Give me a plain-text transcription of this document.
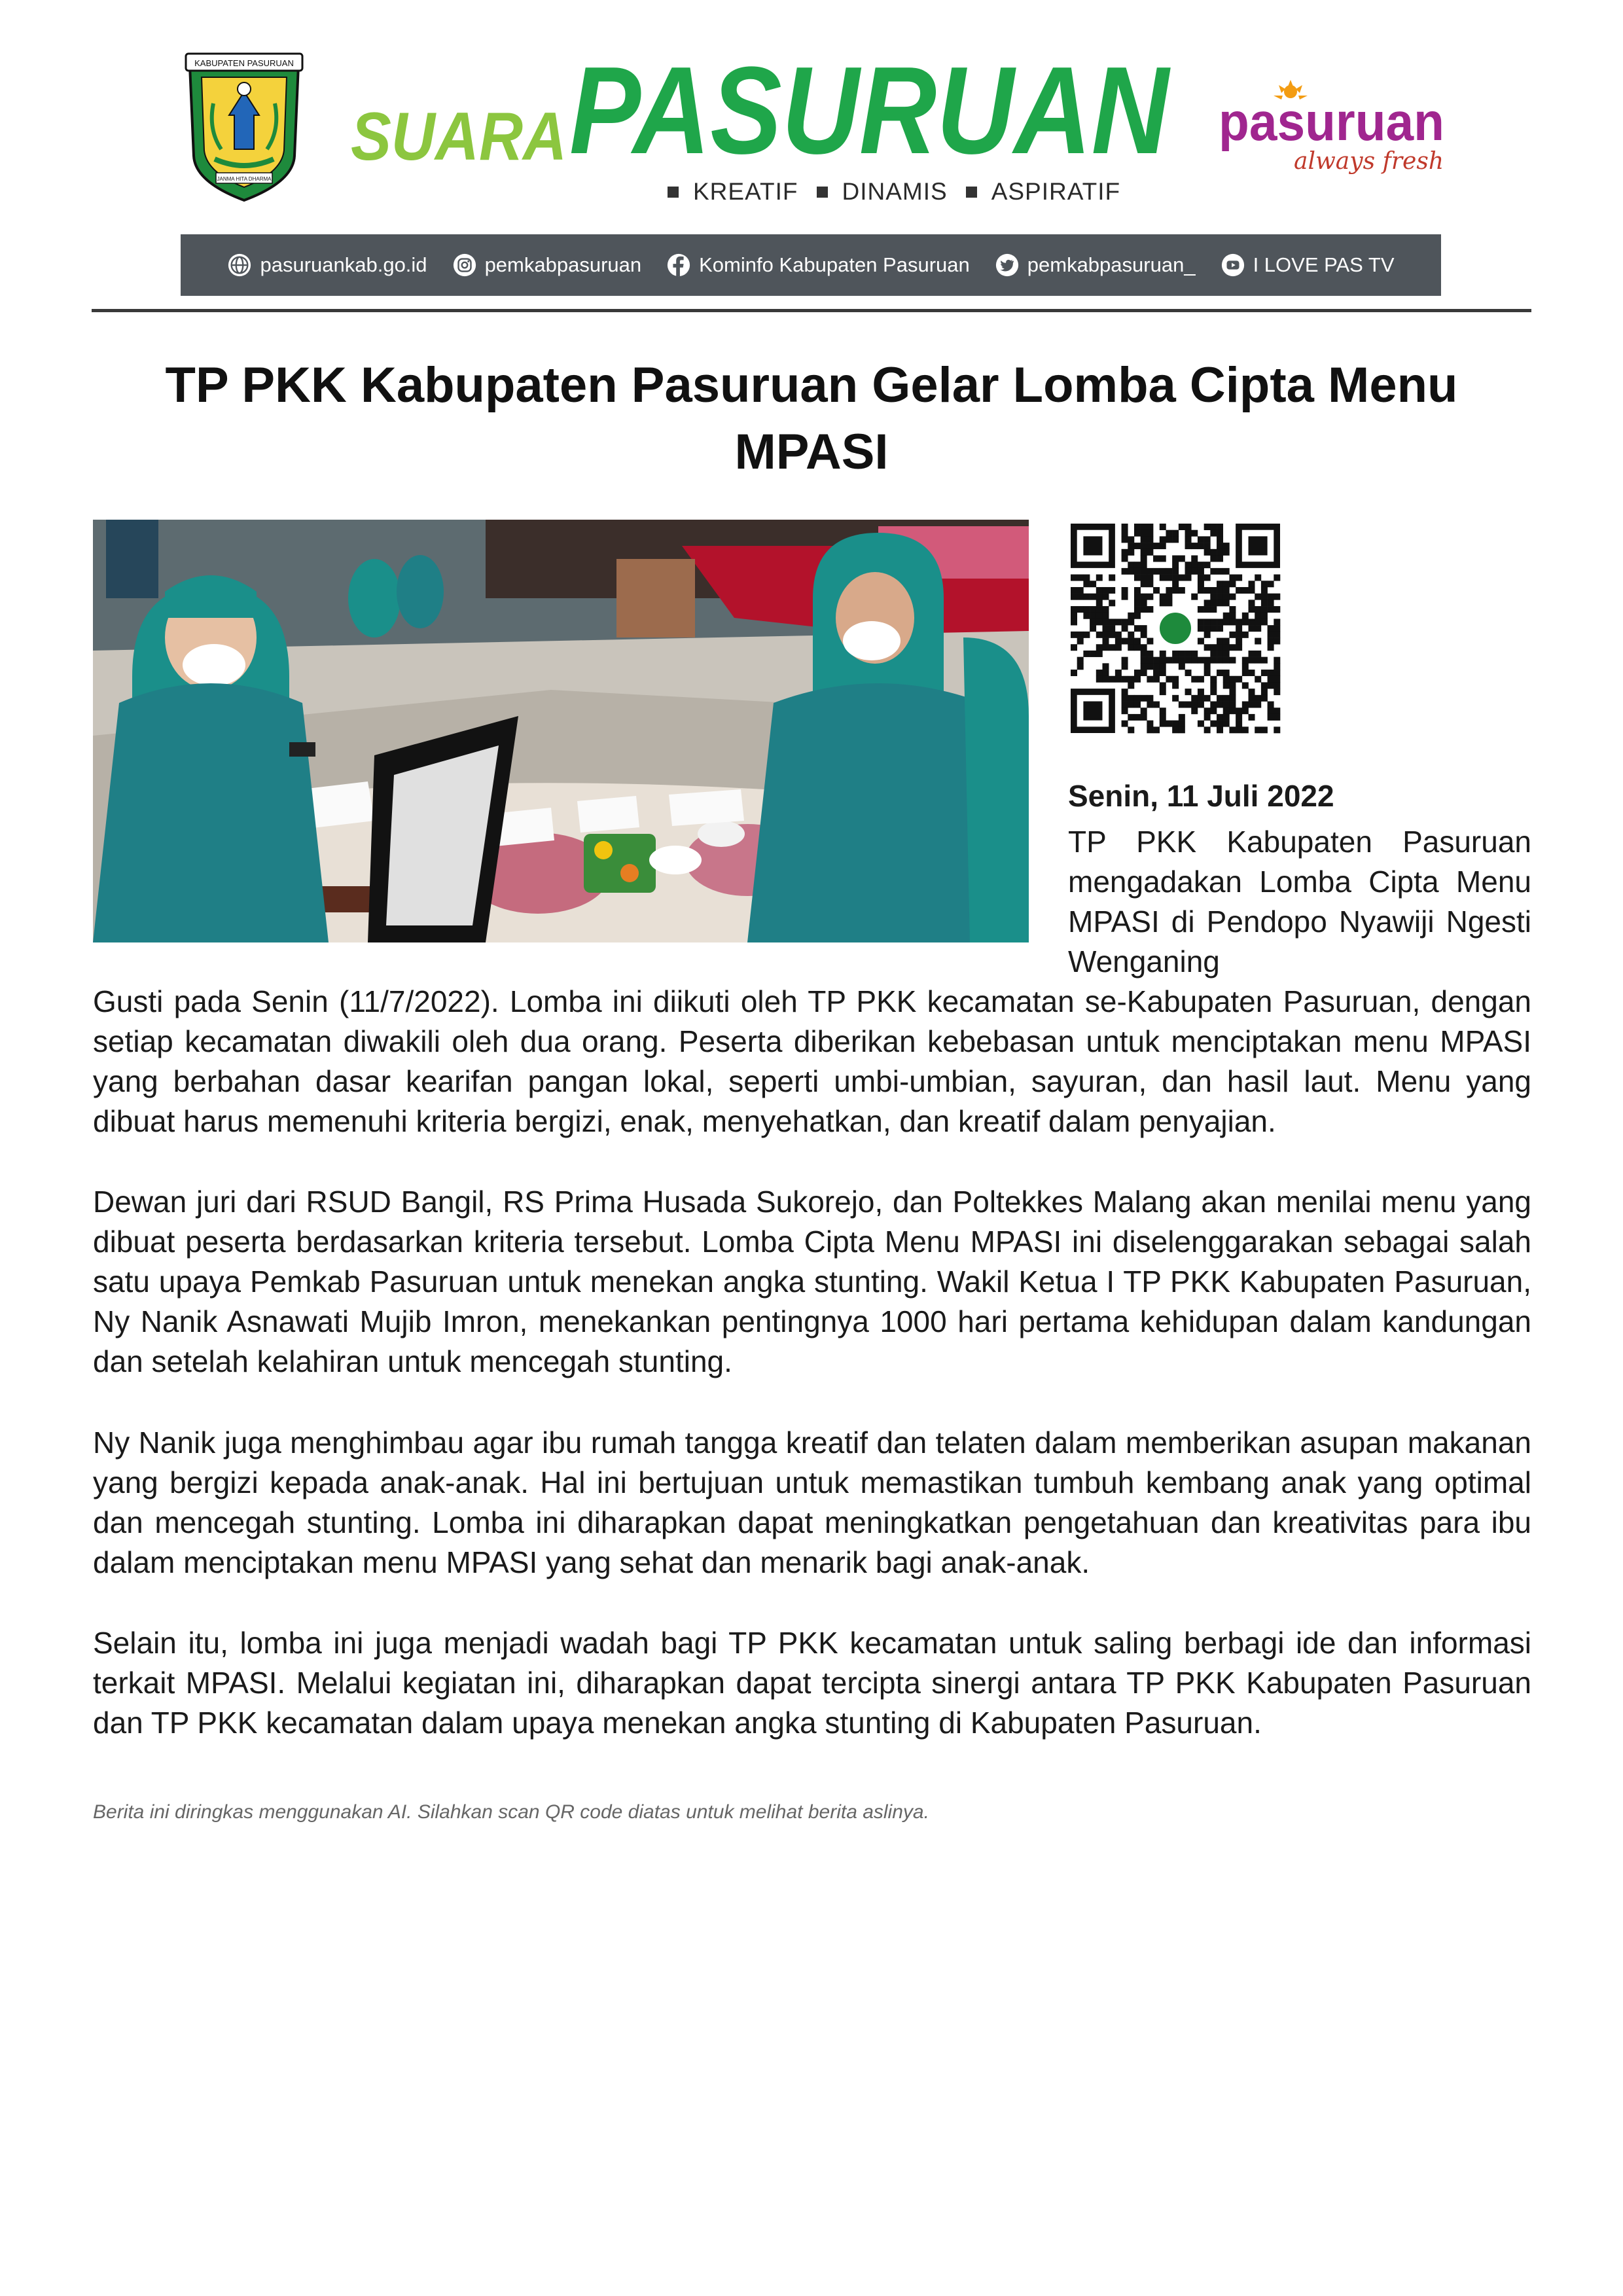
KABUPATEN PASURUAN
JANMA HITA DHARMA
SUARA PASURUAN
KREATIF DINAMIS ASPIRATIF
pasuruan
always fresh
pasuruankab.go.id	pemkabpasuruan	Kominfo Kabupaten Pasuruan	pemkabpasuruan_	I LOVE PAS TV
TP PKK Kabupaten Pasuruan Gelar Lomba Cipta Menu MPASI
Senin, 11 Juli 2022
TP PKK Kabupaten Pasuruan mengadakan Lomba Cipta Menu MPASI di Pendopo Nyawiji Ngesti Wenganing
Gusti pada Senin (11/7/2022). Lomba ini diikuti oleh TP PKK kecamatan se-Kabupaten Pasuruan, dengan setiap kecamatan diwakili oleh dua orang. Peserta diberikan kebebasan untuk menciptakan menu MPASI yang berbahan dasar kearifan pangan lokal, seperti umbi-umbian, sayuran, dan hasil laut. Menu yang dibuat harus memenuhi kriteria bergizi, enak, menyehatkan, dan kreatif dalam penyajian.
Dewan juri dari RSUD Bangil, RS Prima Husada Sukorejo, dan Poltekkes Malang akan menilai menu yang dibuat peserta berdasarkan kriteria tersebut. Lomba Cipta Menu MPASI ini diselenggarakan sebagai salah satu upaya Pemkab Pasuruan untuk menekan angka stunting. Wakil Ketua I TP PKK Kabupaten Pasuruan, Ny Nanik Asnawati Mujib Imron, menekankan pentingnya 1000 hari pertama kehidupan dalam kandungan dan setelah kelahiran untuk mencegah stunting.
Ny Nanik juga menghimbau agar ibu rumah tangga kreatif dan telaten dalam memberikan asupan makanan yang bergizi kepada anak-anak. Hal ini bertujuan untuk memastikan tumbuh kembang anak yang optimal dan mencegah stunting. Lomba ini diharapkan dapat meningkatkan pengetahuan dan kreativitas para ibu dalam menciptakan menu MPASI yang sehat dan menarik bagi anak-anak.
Selain itu, lomba ini juga menjadi wadah bagi TP PKK kecamatan untuk saling berbagi ide dan informasi terkait MPASI. Melalui kegiatan ini, diharapkan dapat tercipta sinergi antara TP PKK Kabupaten Pasuruan dan TP PKK kecamatan dalam upaya menekan angka stunting di Kabupaten Pasuruan.
Berita ini diringkas menggunakan AI. Silahkan scan QR code diatas untuk melihat berita aslinya.
